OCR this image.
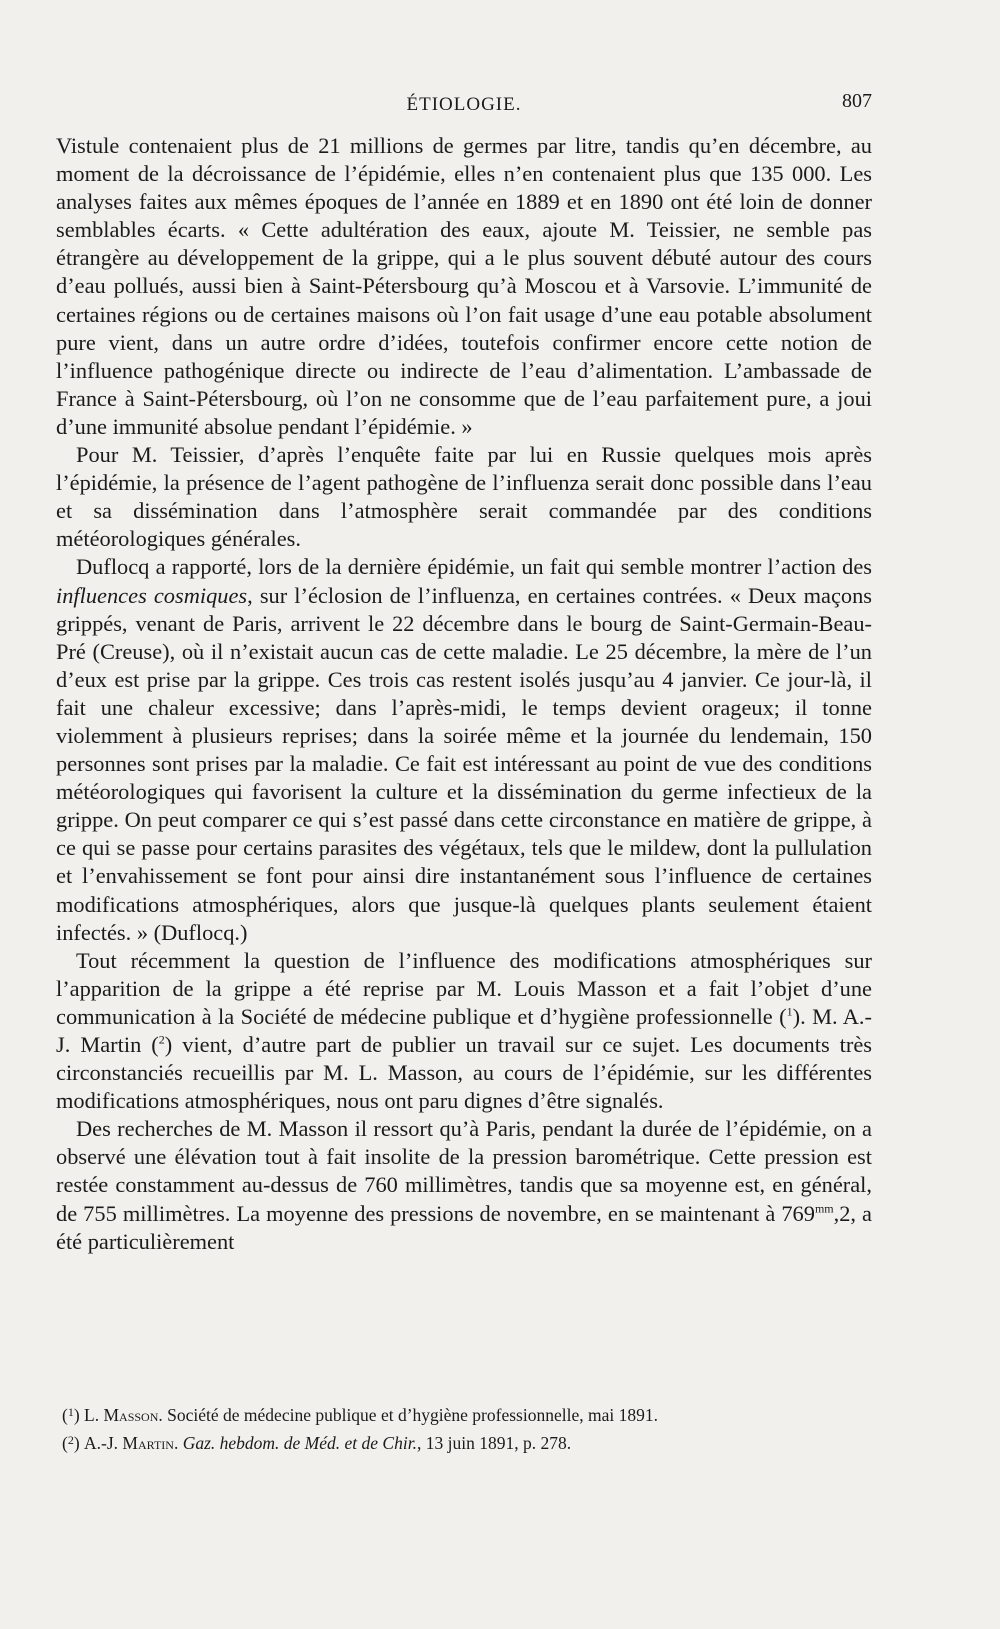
ÉTIOLOGIE.	807

Vistule contenaient plus de 21 millions de germes par litre, tandis qu’en décembre, au moment de la décroissance de l’épidémie, elles n’en contenaient plus que 135 000. Les analyses faites aux mêmes époques de l’année en 1889 et en 1890 ont été loin de donner semblables écarts. « Cette adultération des eaux, ajoute M. Teissier, ne semble pas étrangère au développement de la grippe, qui a le plus souvent débuté autour des cours d’eau pollués, aussi bien à Saint-Pétersbourg qu’à Moscou et à Varsovie. L’immunité de certaines régions ou de certaines maisons où l’on fait usage d’une eau potable absolument pure vient, dans un autre ordre d’idées, toutefois confirmer encore cette notion de l’influence pathogénique directe ou indirecte de l’eau d’alimentation. L’ambassade de France à Saint-Pétersbourg, où l’on ne consomme que de l’eau parfaitement pure, a joui d’une immunité absolue pendant l’épidémie. »

Pour M. Teissier, d’après l’enquête faite par lui en Russie quelques mois après l’épidémie, la présence de l’agent pathogène de l’influenza serait donc possible dans l’eau et sa dissémination dans l’atmosphère serait commandée par des conditions météorologiques générales.

Duflocq a rapporté, lors de la dernière épidémie, un fait qui semble montrer l’action des influences cosmiques, sur l’éclosion de l’influenza, en certaines contrées. « Deux maçons grippés, venant de Paris, arrivent le 22 décembre dans le bourg de Saint-Germain-Beau-Pré (Creuse), où il n’existait aucun cas de cette maladie. Le 25 décembre, la mère de l’un d’eux est prise par la grippe. Ces trois cas restent isolés jusqu’au 4 janvier. Ce jour-là, il fait une chaleur excessive; dans l’après-midi, le temps devient orageux; il tonne violemment à plusieurs reprises; dans la soirée même et la journée du lendemain, 150 personnes sont prises par la maladie. Ce fait est intéressant au point de vue des conditions météorologiques qui favorisent la culture et la dissémination du germe infectieux de la grippe. On peut comparer ce qui s’est passé dans cette circonstance en matière de grippe, à ce qui se passe pour certains parasites des végétaux, tels que le mildew, dont la pullulation et l’envahissement se font pour ainsi dire instantanément sous l’influence de certaines modifications atmosphériques, alors que jusque-là quelques plants seulement étaient infectés. » (Duflocq.)

Tout récemment la question de l’influence des modifications atmosphériques sur l’apparition de la grippe a été reprise par M. Louis Masson et a fait l’objet d’une communication à la Société de médecine publique et d’hygiène professionnelle ($^1$). M. A.-J. Martin ($^2$) vient, d’autre part de publier un travail sur ce sujet. Les documents très circonstanciés recueillis par M. L. Masson, au cours de l’épidémie, sur les différentes modifications atmosphériques, nous ont paru dignes d’être signalés.

Des recherches de M. Masson il ressort qu’à Paris, pendant la durée de l’épidémie, on a observé une élévation tout à fait insolite de la pression barométrique. Cette pression est restée constamment au-dessus de 760 millimètres, tandis que sa moyenne est, en général, de 755 millimètres. La moyenne des pressions de novembre, en se maintenant à $769^{mm},2$, a été particulièrement

($^1$) L. Masson. Société de médecine publique et d’hygiène professionnelle, mai 1891.
($^2$) A.-J. Martin. Gaz. hebdom. de Méd. et de Chir., 13 juin 1891, p. 278.
